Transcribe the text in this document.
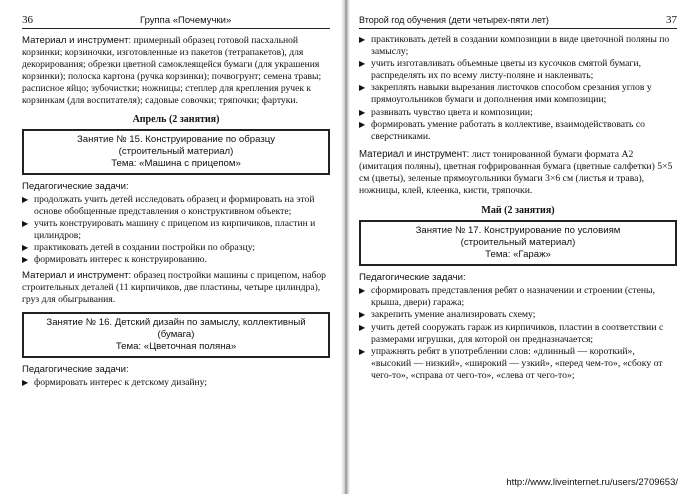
36	Группа «Почемучки»

Материал и инструмент: примерный образец готовой пасхальной корзинки; корзиночки, изготовленные из пакетов (тетрапакетов), для декорирования; обрезки цветной самоклеящейся бумаги (для украшения корзинки); полоска картона (ручка корзинки); почвогрунт; семена травы; расписное яйцо; зубочистки; ножницы; степлер для крепления ручек к корзинкам (для воспитателя); садовые совочки; тряпочки; фартуки.

Апрель (2 занятия)
Занятие № 15. Конструирование по образцу
(строительный материал)
Тема: «Машина с прицепом»
Педагогические задачи:
▶ продолжать учить детей исследовать образец и формировать на этой основе обобщенные представления о конструктивном объекте;
▶ учить конструировать машину с прицепом из кирпичиков, пластин и цилиндров;
▶ практиковать детей в создании постройки по образцу;
▶ формировать интерес к конструированию.

Материал и инструмент: образец постройки машины с прицепом, набор строительных деталей (11 кирпичиков, две пластины, четыре цилиндра), груз для обыгрывания.

Занятие № 16. Детский дизайн по замыслу, коллективный
(бумага)
Тема: «Цветочная поляна»
Педагогические задачи:
▶ формировать интерес к детскому дизайну;
Второй год обучения (дети четырех-пяти лет)	37
▶ практиковать детей в создании композиции в виде цветочной поляны по замыслу;
▶ учить изготавливать объемные цветы из кусочков смятой бумаги, распределять их по всему листу-поляне и наклеивать;
▶ закреплять навыки вырезания листочков способом срезания углов у прямоугольников бумаги и дополнения ими композиции;
▶ развивать чувство цвета и композиции;
▶ формировать умение работать в коллективе, взаимодействовать со сверстниками.

Материал и инструмент: лист тонированной бумаги формата А2 (имитация поляны), цветная гофрированная бумага (цветные салфетки) 5×5 см (цветы), зеленые прямоугольники бумаги 3×6 см (листья и трава), ножницы, клей, клеенка, кисти, тряпочки.

Май (2 занятия)
Занятие № 17. Конструирование по условиям
(строительный материал)
Тема: «Гараж»
Педагогические задачи:
▶ сформировать представления ребят о назначении и строении (стены, крыша, двери) гаража;
▶ закрепить умение анализировать схему;
▶ учить детей сооружать гараж из кирпичиков, пластин в соответствии с размерами игрушки, для которой он предназначается;
▶ упражнять ребят в употреблении слов: «длинный — короткий», «высокий — низкий», «широкий — узкий», «перед чем-то», «сбоку от чего-то», «справа от чего-то», «слева от чего-то»;
http://www.liveinternet.ru/users/2709653/
